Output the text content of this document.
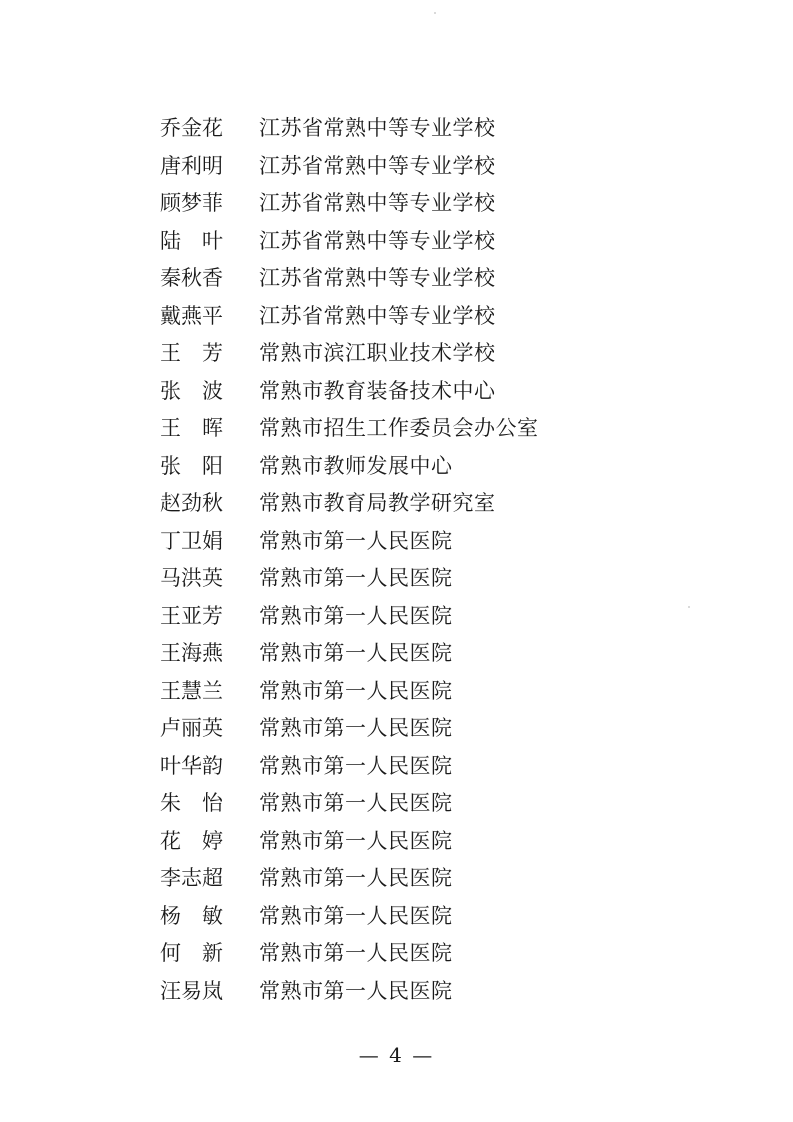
乔金花	江苏省常熟中等专业学校
唐利明	江苏省常熟中等专业学校
顾梦菲	江苏省常熟中等专业学校
陆　叶	江苏省常熟中等专业学校
秦秋香	江苏省常熟中等专业学校
戴燕平	江苏省常熟中等专业学校
王　芳	常熟市滨江职业技术学校
张　波	常熟市教育装备技术中心
王　晖	常熟市招生工作委员会办公室
张　阳	常熟市教师发展中心
赵劲秋	常熟市教育局教学研究室
丁卫娟	常熟市第一人民医院
马洪英	常熟市第一人民医院
王亚芳	常熟市第一人民医院
王海燕	常熟市第一人民医院
王慧兰	常熟市第一人民医院
卢丽英	常熟市第一人民医院
叶华韵	常熟市第一人民医院
朱　怡	常熟市第一人民医院
花　婷	常熟市第一人民医院
李志超	常熟市第一人民医院
杨　敏	常熟市第一人民医院
何　新	常熟市第一人民医院
汪易岚	常熟市第一人民医院
— 4 —
